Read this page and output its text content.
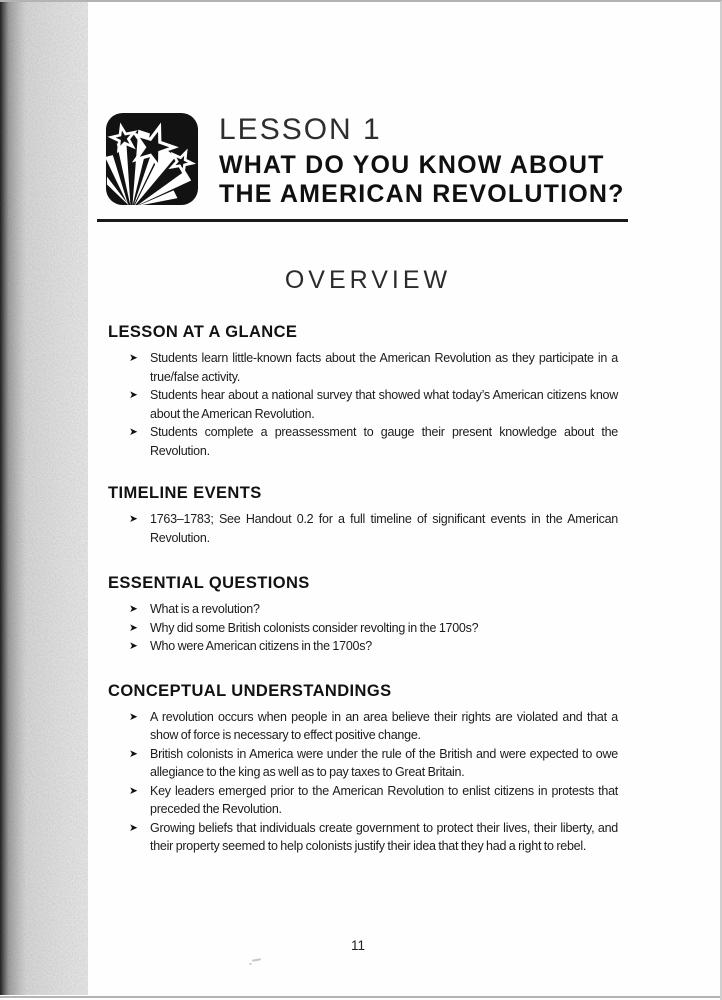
LESSON 1
WHAT DO YOU KNOW ABOUT
THE AMERICAN REVOLUTION?
OVERVIEW
LESSON AT A GLANCE
➤ Students learn little-known facts about the American Revolution as they participate in a true/false activity.
➤ Students hear about a national survey that showed what today’s American citizens know about the American Revolution.
➤ Students complete a preassessment to gauge their present knowledge about the Revolution.
TIMELINE EVENTS
➤ 1763–1783; See Handout 0.2 for a full timeline of significant events in the American Revolution.
ESSENTIAL QUESTIONS
➤ What is a revolution?
➤ Why did some British colonists consider revolting in the 1700s?
➤ Who were American citizens in the 1700s?
CONCEPTUAL UNDERSTANDINGS
➤ A revolution occurs when people in an area believe their rights are violated and that a show of force is necessary to effect positive change.
➤ British colonists in America were under the rule of the British and were expected to owe allegiance to the king as well as to pay taxes to Great Britain.
➤ Key leaders emerged prior to the American Revolution to enlist citizens in protests that preceded the Revolution.
➤ Growing beliefs that individuals create government to protect their lives, their liberty, and their property seemed to help colonists justify their idea that they had a right to rebel.
11
